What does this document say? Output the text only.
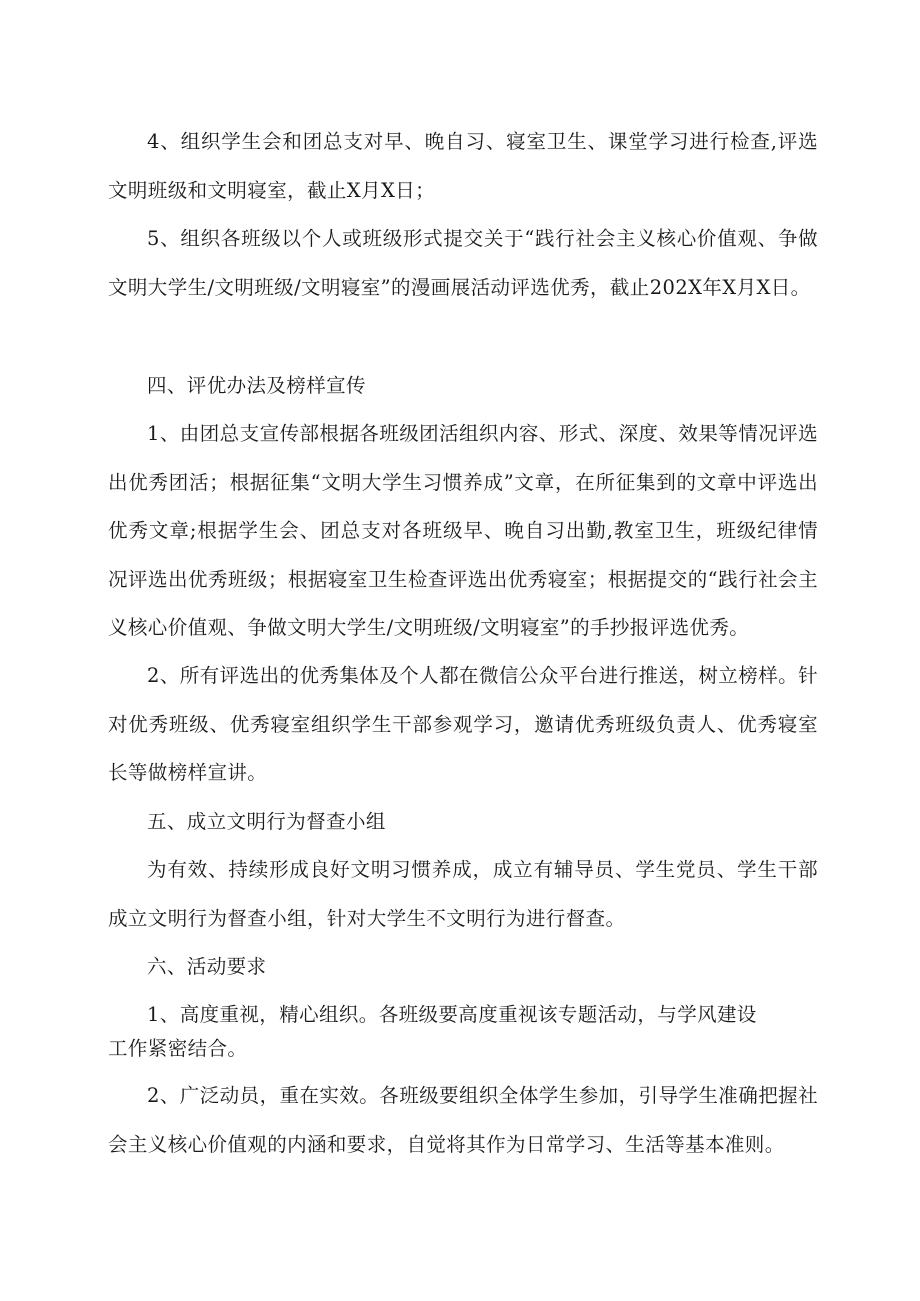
4、组织学生会和团总支对早、晚自习、寝室卫生、课堂学习进行检查,评选文明班级和文明寝室，截止X月X日；

5、组织各班级以个人或班级形式提交关于“践行社会主义核心价值观、争做文明大学生/文明班级/文明寝室”的漫画展活动评选优秀，截止202X年X月X日。

四、评优办法及榜样宣传

1、由团总支宣传部根据各班级团活组织内容、形式、深度、效果等情况评选出优秀团活；根据征集“文明大学生习惯养成”文章，在所征集到的文章中评选出优秀文章;根据学生会、团总支对各班级早、晚自习出勤,教室卫生，班级纪律情况评选出优秀班级；根据寝室卫生检查评选出优秀寝室；根据提交的“践行社会主义核心价值观、争做文明大学生/文明班级/文明寝室”的手抄报评选优秀。

2、所有评选出的优秀集体及个人都在微信公众平台进行推送，树立榜样。针对优秀班级、优秀寝室组织学生干部参观学习，邀请优秀班级负责人、优秀寝室长等做榜样宣讲。

五、成立文明行为督查小组

为有效、持续形成良好文明习惯养成，成立有辅导员、学生党员、学生干部成立文明行为督查小组，针对大学生不文明行为进行督查。

六、活动要求

1、高度重视，精心组织。各班级要高度重视该专题活动，与学风建设

工作紧密结合。

2、广泛动员，重在实效。各班级要组织全体学生参加，引导学生准确把握社会主义核心价值观的内涵和要求，自觉将其作为日常学习、生活等基本准则。
